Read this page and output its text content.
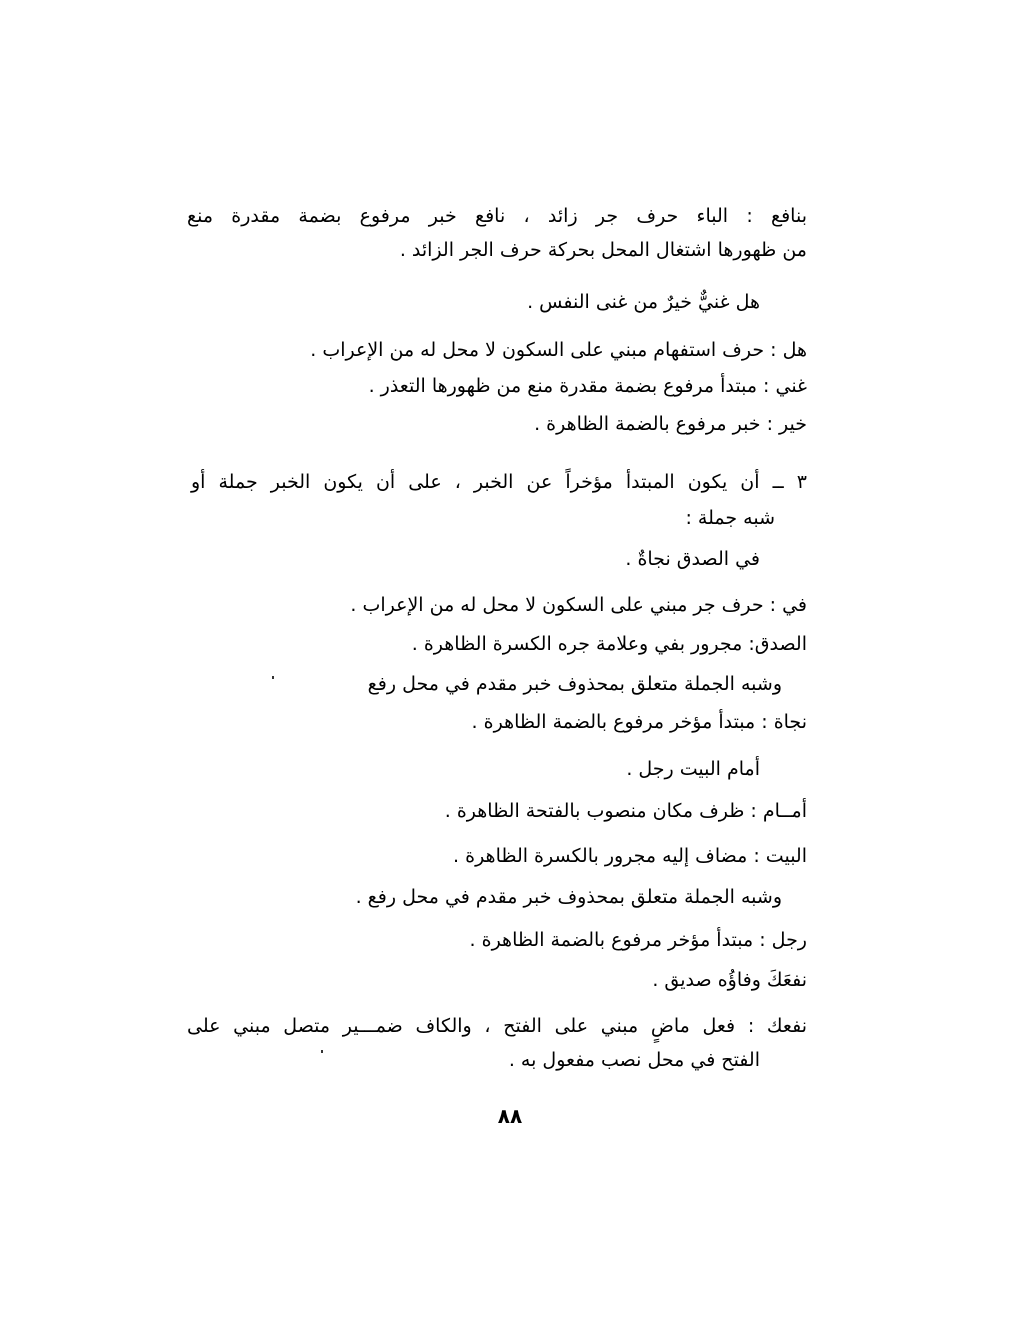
بنافع : الباء حرف جر زائد ، نافع خبر مرفوع بضمة مقدرة منع
من ظهورها اشتغال المحل بحركة حرف الجر الزائد .
هل غنيٌّ خيرٌ من غنى النفس .
هل : حرف استفهام مبني على السكون لا محل له من الإعراب .
غني : مبتدأ مرفوع بضمة مقدرة منع من ظهورها التعذر .
خير : خبر مرفوع بالضمة الظاهرة .
٣ ــ أن يكون المبتدأ مؤخراً عن الخبر ، على أن يكون الخبر جملة أو
شبه جملة :
في الصدق نجاةٌ .
في : حرف جر مبني على السكون لا محل له من الإعراب .
الصدق: مجرور بفي وعلامة جره الكسرة الظاهرة .
وشبه الجملة متعلق بمحذوف خبر مقدم في محل رفع
نجاة : مبتدأ مؤخر مرفوع بالضمة الظاهرة .
أمام البيت رجل .
أمــام : ظرف مكان منصوب بالفتحة الظاهرة .
البيت : مضاف إليه مجرور بالكسرة الظاهرة .
وشبه الجملة متعلق بمحذوف خبر مقدم في محل رفع .
رجل : مبتدأ مؤخر مرفوع بالضمة الظاهرة .
نفعَكَ وفاؤُه صديق .
نفعك : فعل ماضٍ مبني على الفتح ، والكاف ضمـــير متصل مبني على
الفتح في محل نصب مفعول به .
٨٨
